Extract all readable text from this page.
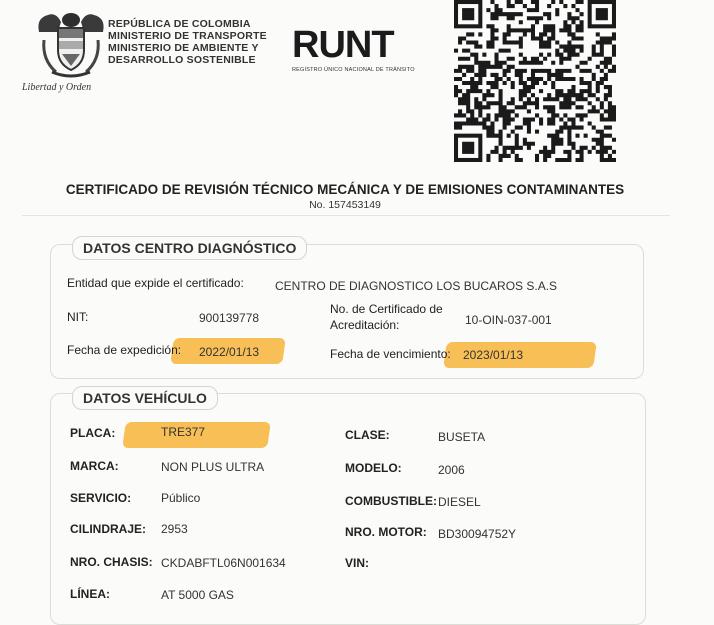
Libertad y Orden
REPÚBLICA DE COLOMBIA
MINISTERIO DE TRANSPORTE
MINISTERIO DE AMBIENTE Y
DESARROLLO SOSTENIBLE RUNT
REGISTRO ÚNICO NACIONAL DE TRÁNSITO
CERTIFICADO DE REVISIÓN TÉCNICO MECÁNICA Y DE EMISIONES CONTAMINANTES
No. 157453149
DATOS CENTRO DIAGNÓSTICO
Entidad que expide el certificado:	CENTRO DE DIAGNOSTICO LOS BUCAROS S.A.S
NIT:	900139778
No. de Certificado de
Acreditación:	10-OIN-037-001
Fecha de expedición: 2022/01/13	Fecha de vencimiento: 2023/01/13
DATOS VEHÍCULO
PLACA:	TRE377	CLASE:	BUSETA
MARCA:	NON PLUS ULTRA	MODELO:	2006
SERVICIO: Público	COMBUSTIBLE: DIESEL
CILINDRAJE: 2953	NRO. MOTOR: BD30094752Y
NRO. CHASIS: CKDABFTL06N001634	VIN:
LÍNEA:	AT 5000 GAS
